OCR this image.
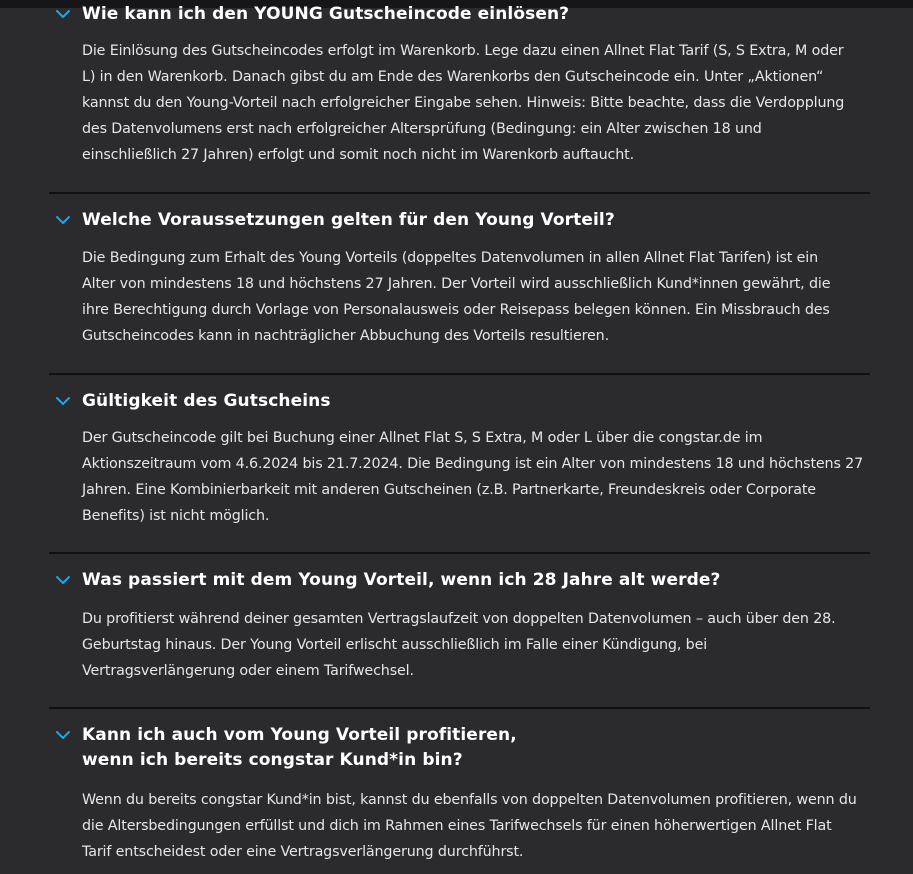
Wie kann ich den YOUNG Gutscheincode einlösen?
Die Einlösung des Gutscheincodes erfolgt im Warenkorb. Lege dazu einen Allnet Flat Tarif (S, S Extra, M oder
L) in den Warenkorb. Danach gibst du am Ende des Warenkorbs den Gutscheincode ein. Unter „Aktionen“
kannst du den Young-Vorteil nach erfolgreicher Eingabe sehen. Hinweis: Bitte beachte, dass die Verdopplung
des Datenvolumens erst nach erfolgreicher Altersprüfung (Bedingung: ein Alter zwischen 18 und
einschließlich 27 Jahren) erfolgt und somit noch nicht im Warenkorb auftaucht.
Welche Voraussetzungen gelten für den Young Vorteil?
Die Bedingung zum Erhalt des Young Vorteils (doppeltes Datenvolumen in allen Allnet Flat Tarifen) ist ein
Alter von mindestens 18 und höchstens 27 Jahren. Der Vorteil wird ausschließlich Kund*innen gewährt, die
ihre Berechtigung durch Vorlage von Personalausweis oder Reisepass belegen können. Ein Missbrauch des
Gutscheincodes kann in nachträglicher Abbuchung des Vorteils resultieren.
Gültigkeit des Gutscheins
Der Gutscheincode gilt bei Buchung einer Allnet Flat S, S Extra, M oder L über die congstar.de im
Aktionszeitraum vom 4.6.2024 bis 21.7.2024. Die Bedingung ist ein Alter von mindestens 18 und höchstens 27
Jahren. Eine Kombinierbarkeit mit anderen Gutscheinen (z.B. Partnerkarte, Freundeskreis oder Corporate
Benefits) ist nicht möglich.
Was passiert mit dem Young Vorteil, wenn ich 28 Jahre alt werde?
Du profitierst während deiner gesamten Vertragslaufzeit von doppelten Datenvolumen – auch über den 28.
Geburtstag hinaus. Der Young Vorteil erlischt ausschließlich im Falle einer Kündigung, bei
Vertragsverlängerung oder einem Tarifwechsel.
Kann ich auch vom Young Vorteil profitieren,
wenn ich bereits congstar Kund*in bin?
Wenn du bereits congstar Kund*in bist, kannst du ebenfalls von doppelten Datenvolumen profitieren, wenn du
die Altersbedingungen erfüllst und dich im Rahmen eines Tarifwechsels für einen höherwertigen Allnet Flat
Tarif entscheidest oder eine Vertragsverlängerung durchführst.
